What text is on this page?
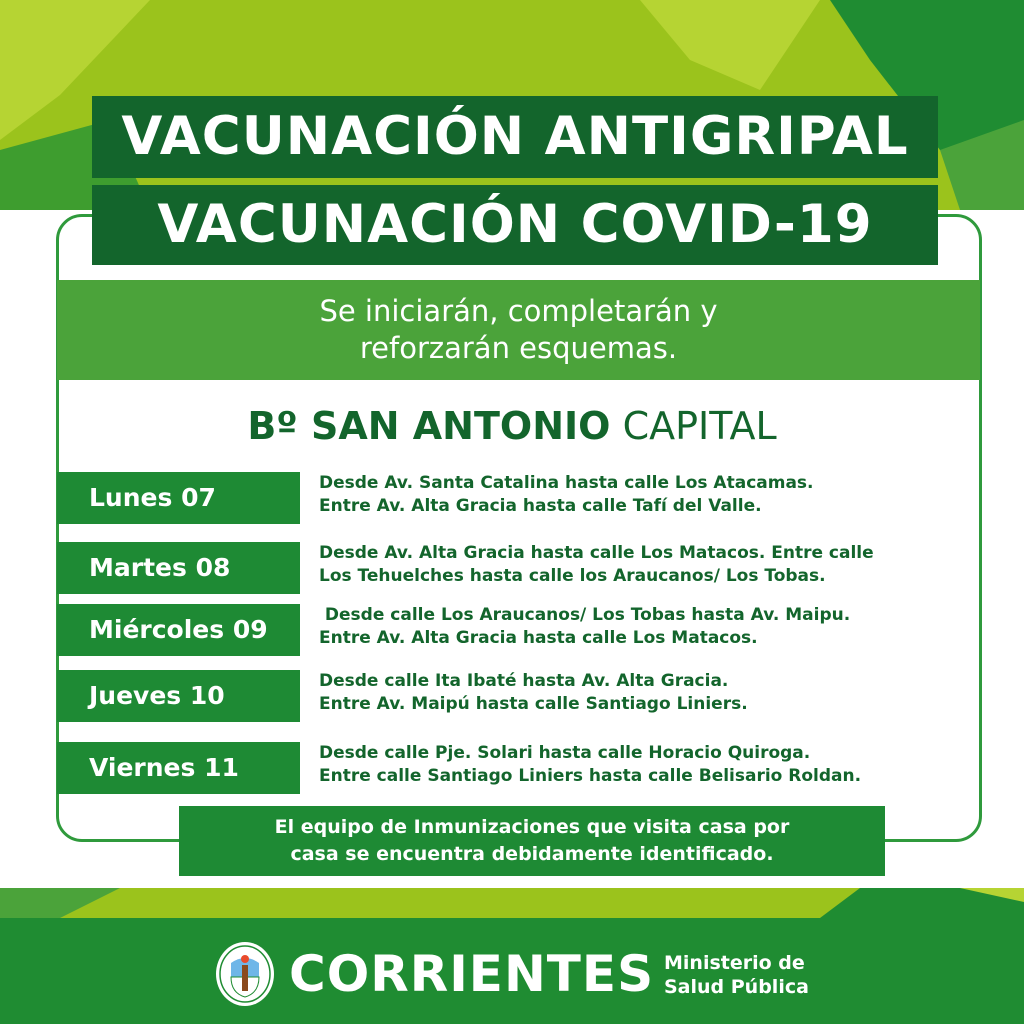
VACUNACIÓN ANTIGRIPAL
VACUNACIÓN COVID-19
Se iniciarán, completarán y
reforzarán esquemas.
Bº SAN ANTONIO CAPITAL
Lunes 07	Desde Av. Santa Catalina hasta calle Los Atacamas.
Entre Av. Alta Gracia hasta calle Tafí del Valle.
Martes 08	Desde Av. Alta Gracia hasta calle Los Matacos. Entre calle
Los Tehuelches hasta calle los Araucanos/ Los Tobas.
Miércoles 09	Desde calle Los Araucanos/ Los Tobas hasta Av. Maipu.
Entre Av. Alta Gracia hasta calle Los Matacos.
Jueves 10	Desde calle Ita Ibaté hasta Av. Alta Gracia.
Entre Av. Maipú hasta calle Santiago Liniers.
Viernes 11	Desde calle Pje. Solari hasta calle Horacio Quiroga.
Entre calle Santiago Liniers hasta calle Belisario Roldan.
El equipo de Inmunizaciones que visita casa por
casa se encuentra debidamente identificado.
CORRIENTES Ministerio de
Salud Pública
